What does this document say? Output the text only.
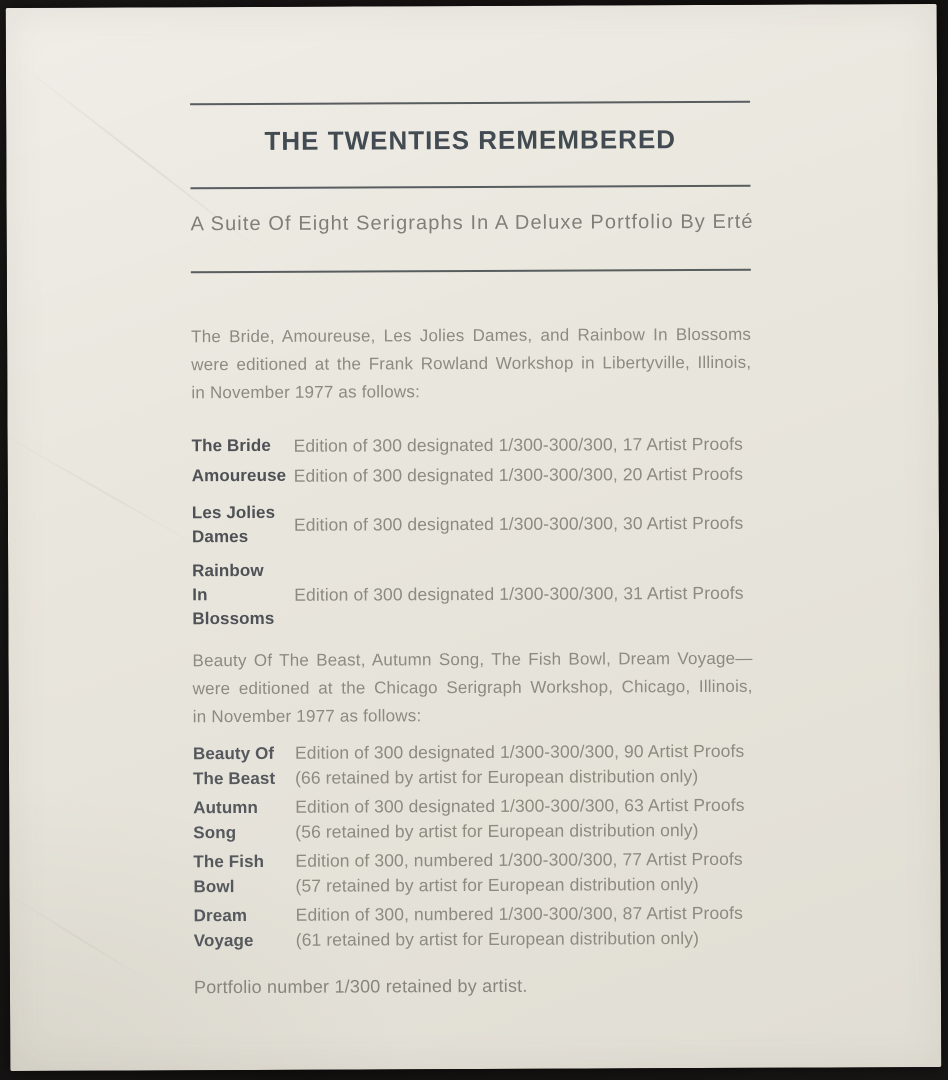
THE TWENTIES REMEMBERED
A Suite Of Eight Serigraphs In A Deluxe Portfolio By Erté
The Bride, Amoureuse, Les Jolies Dames, and Rainbow In Blossoms
were editioned at the Frank Rowland Workshop in Libertyville, Illinois,
in November 1977 as follows:
The Bride	Edition of 300 designated 1/300-300/300, 17 Artist Proofs
Amoureuse Edition of 300 designated 1/300-300/300, 20 Artist Proofs
Les Jolies
Dames
Edition of 300 designated 1/300-300/300, 30 Artist Proofs
Rainbow In
Blossoms
Edition of 300 designated 1/300-300/300, 31 Artist Proofs
Beauty Of The Beast, Autumn Song, The Fish Bowl, Dream Voyage—
were editioned at the Chicago Serigraph Workshop, Chicago, Illinois,
in November 1977 as follows:
Beauty Of
The Beast
Edition of 300 designated 1/300-300/300, 90 Artist Proofs
(66 retained by artist for European distribution only)
Autumn
Song
Edition of 300 designated 1/300-300/300, 63 Artist Proofs
(56 retained by artist for European distribution only)
The Fish
Bowl
Edition of 300, numbered 1/300-300/300, 77 Artist Proofs
(57 retained by artist for European distribution only)
Dream
Voyage
Edition of 300, numbered 1/300-300/300, 87 Artist Proofs
(61 retained by artist for European distribution only)
Portfolio number 1/300 retained by artist.
